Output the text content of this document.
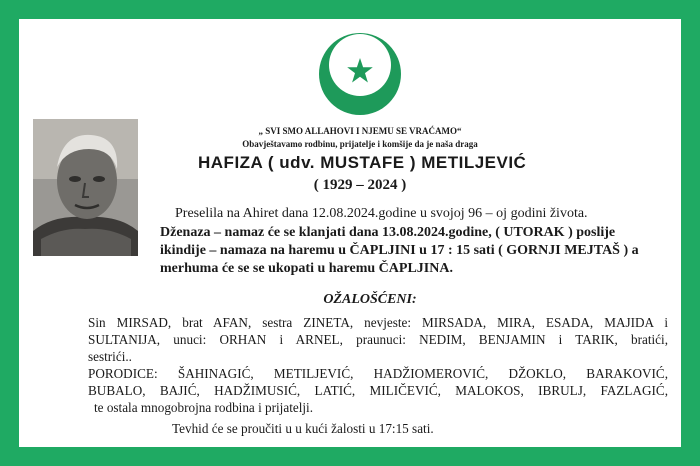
„ SVI SMO ALLAHOVI I NJEMU SE VRAĆAMO“
Obavještavamo rodbinu, prijatelje i komšije da je naša draga
HAFIZA ( udv. MUSTAFE ) METILJEVIĆ
( 1929 – 2024 )
Preselila na Ahiret dana 12.08.2024.godine u svojoj 96 – oj godini života.
Dženaza – namaz će se klanjati dana 13.08.2024.godine, ( UTORAK ) poslije
ikindije – namaza na haremu u ČAPLJINI u 17 : 15 sati ( GORNJI MEJTAŠ ) a
merhuma će se se ukopati u haremu ČAPLJINA.
OŽALOŠĆENI:
Sin MIRSAD, brat AFAN, sestra ZINETA, nevjeste: MIRSADA, MIRA, ESADA, MAJIDA i
SULTANIJA, unuci: ORHAN i ARNEL, praunuci: NEDIM, BENJAMIN i TARIK, bratići,
sestrići..
PORODICE: ŠAHINAGIĆ, METILJEVIĆ, HADŽIOMEROVIĆ, DŽOKLO, BARAKOVIĆ,
BUBALO, BAJIĆ, HADŽIMUSIĆ, LATIĆ, MILIČEVIĆ, MALOKOS, IBRULJ, FAZLAGIĆ,
te ostala mnogobrojna rodbina i prijatelji.
Tevhid će se proučiti u u kući žalosti u 17:15 sati.
